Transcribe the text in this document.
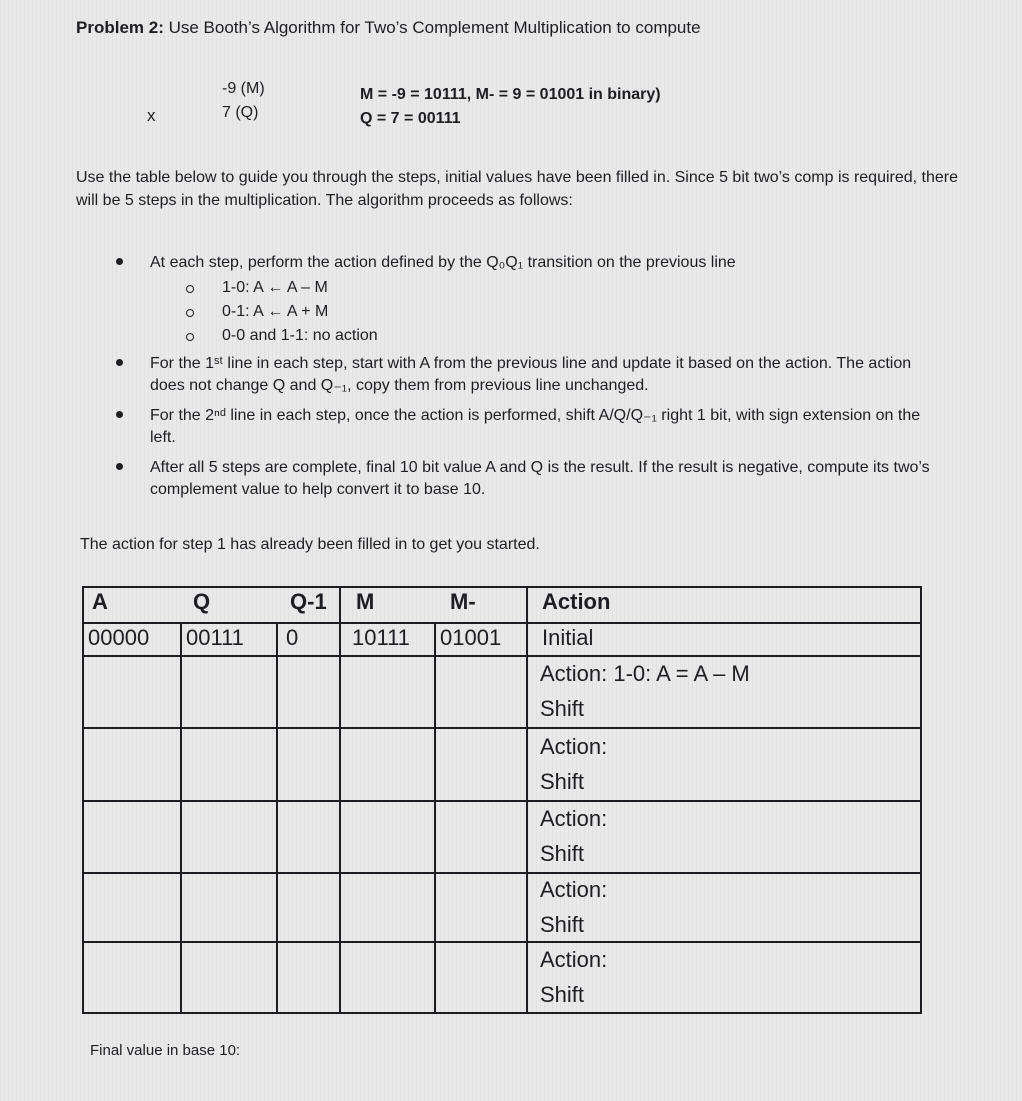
Problem 2: Use Booth’s Algorithm for Two’s Complement Multiplication to compute
x
-9 (M)
7 (Q)
M = -9 = 10111, M- = 9 = 01001 in binary)
Q = 7 = 00111
Use the table below to guide you through the steps, initial values have been filled in. Since 5 bit two’s comp is required, there will be 5 steps in the multiplication. The algorithm proceeds as follows:
At each step, perform the action defined by the Q₀Q₁ transition on the previous line
1-0: A ← A – M
0-1: A ← A + M
0-0 and 1-1: no action
For the 1ˢᵗ line in each step, start with A from the previous line and update it based on the action. The action does not change Q and Q₋₁, copy them from previous line unchanged.
For the 2ⁿᵈ line in each step, once the action is performed, shift A/Q/Q₋₁ right 1 bit, with sign extension on the left.
After all 5 steps are complete, final 10 bit value A and Q is the result. If the result is negative, compute its two’s complement value to help convert it to base 10.
The action for step 1 has already been filled in to get you started.
A	Q	Q-1 M	M-	Action
00000 00111 0 10111 01001 Initial
Action: 1-0: A = A – M
Shift
Action:
Shift
Action:
Shift
Action:
Shift
Action:
Shift
Final value in base 10:
